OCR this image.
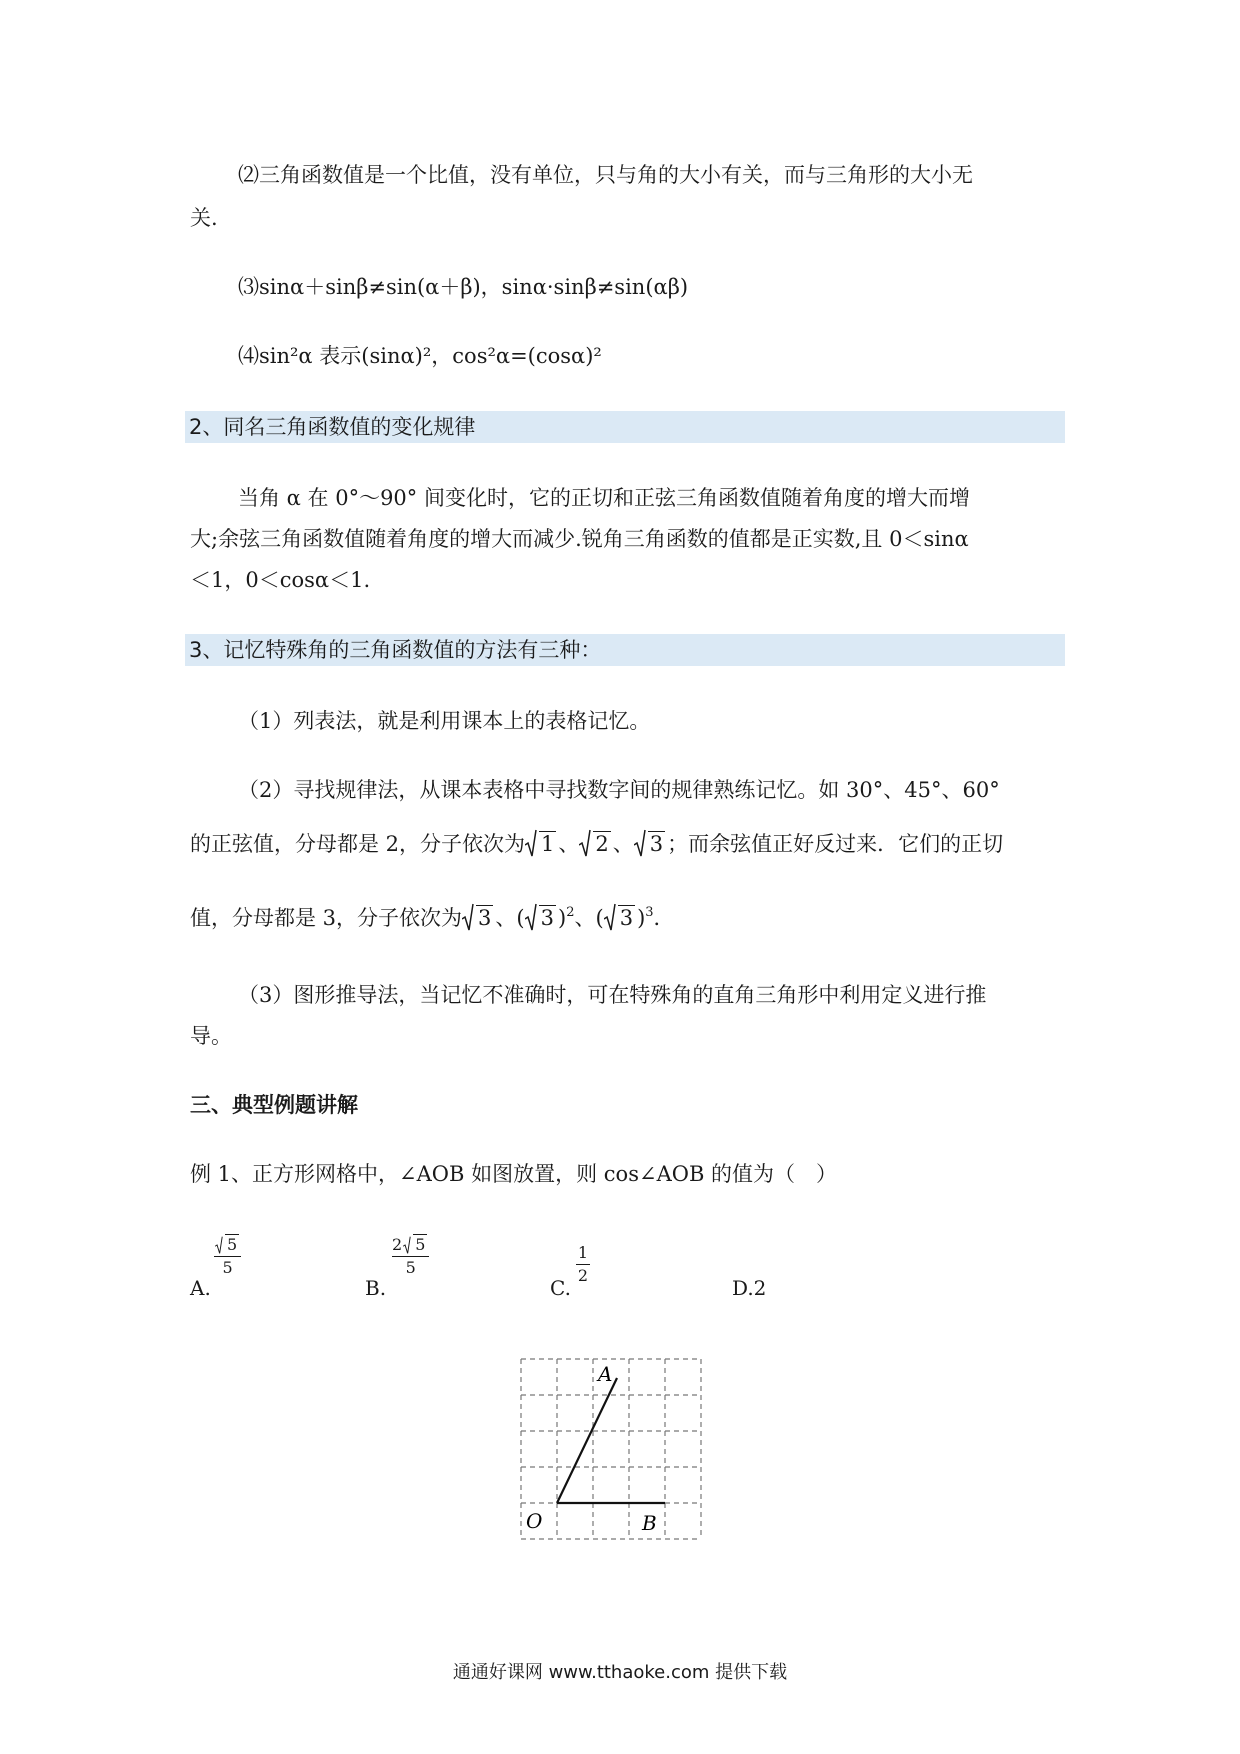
⑵三角函数值是一个比值，没有单位，只与角的大小有关，而与三角形的大小无
关.
⑶sinα＋sinβ≠sin(α＋β)，sinα·sinβ≠sin(αβ)
⑷sin²α 表示(sinα)²，cos²α=(cosα)²
2、同名三角函数值的变化规律
当角 α 在 0°～90° 间变化时，它的正切和正弦三角函数值随着角度的增大而增
大;余弦三角函数值随着角度的增大而减少.锐角三角函数的值都是正实数,且 0＜sinα
＜1，0＜cosα＜1.
3、记忆特殊角的三角函数值的方法有三种：
（1）列表法，就是利用课本上的表格记忆。
（2）寻找规律法，从课本表格中寻找数字间的规律熟练记忆。如 30°、45°、60°
的正弦值，分母都是 2，分子依次为 1 、 2 、 3 ；而余弦值正好反过来．它们的正切
值，分母都是 3，分子依次为 3 、( 3 )$^2$、( 3 )$^3$．
（3）图形推导法，当记忆不准确时，可在特殊角的直角三角形中利用定义进行推
导。
三、典型例题讲解
例 1、正方形网格中，∠AOB 如图放置，则 cos∠AOB 的值为（　）
A.
5
5
B.
2 5
5
C.
1
2
D.2
A
O	B
通通好课网 www.tthaoke.com 提供下载
